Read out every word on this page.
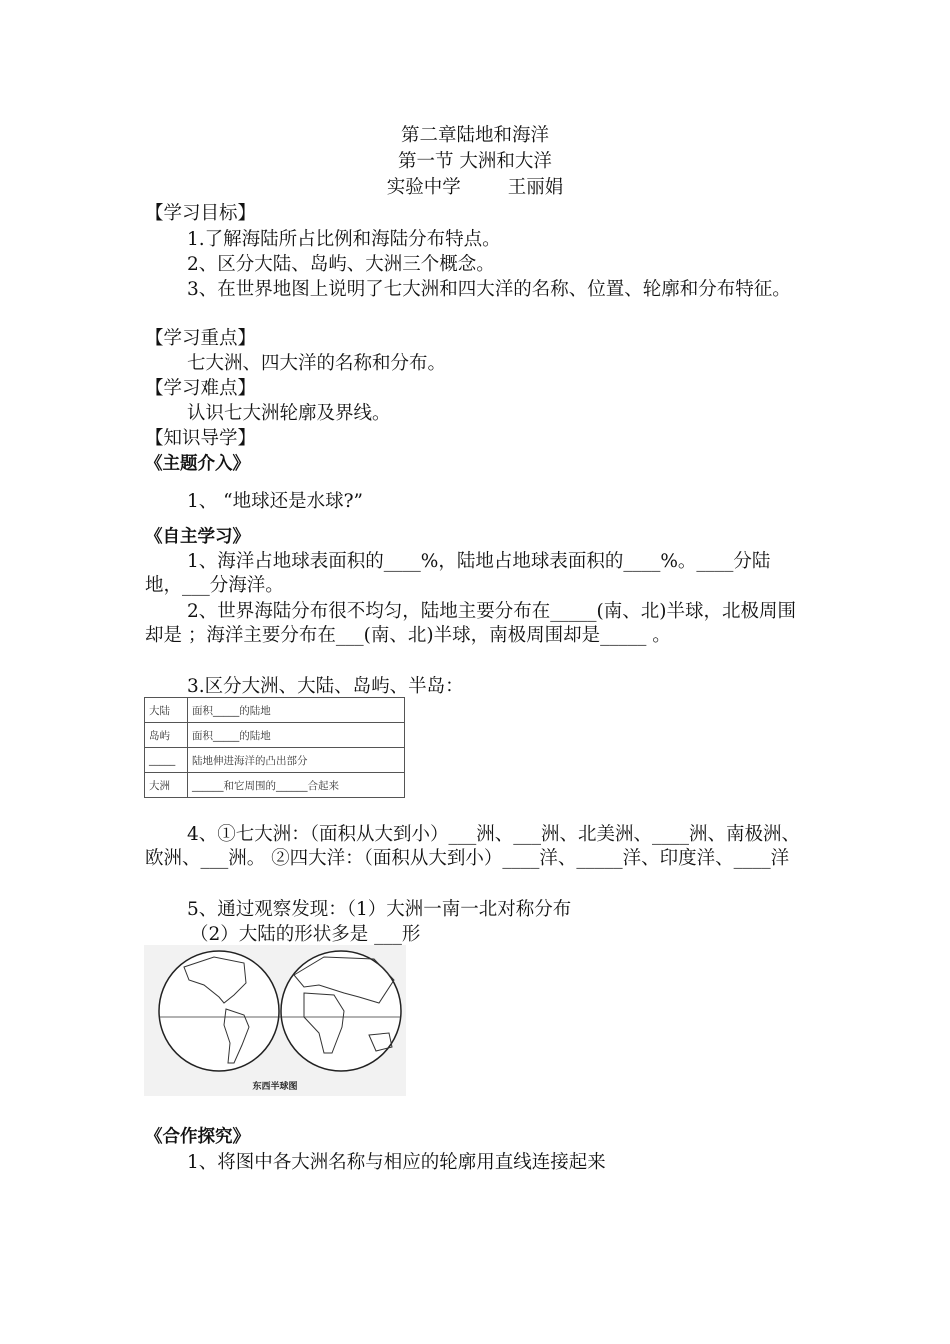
第二章陆地和海洋
第一节 大洲和大洋
实验中学        王丽娟
【学习目标】
1.了解海陆所占比例和海陆分布特点。
2、区分大陆、岛屿、大洲三个概念。
3、在世界地图上说明了七大洲和四大洋的名称、位置、轮廓和分布特征。
【学习重点】
七大洲、四大洋的名称和分布。
【学习难点】
认识七大洲轮廓及界线。
【知识导学】
《主题介入》
1、 “地球还是水球?”
《自主学习》
1、海洋占地球表面积的____%，陆地占地球表面积的____%。____分陆地，___分海洋。
2、世界海陆分布很不均匀，陆地主要分布在_____(南、北)半球，北极周围却是 ；海洋主要分布在___(南、北)半球，南极周围却是_____ 。
3.区分大洲、大陆、岛屿、半岛：
大陆	面积_____的陆地
岛屿	面积_____的陆地
_____	陆地伸进海洋的凸出部分
大洲	______和它周围的______合起来
4、①七大洲：（面积从大到小）___洲、___洲、北美洲、____洲、南极洲、欧洲、___洲。 ②四大洋：（面积从大到小）____洋、_____洋、印度洋、____洋
5、通过观察发现：（1）大洲一南一北对称分布
（2）大陆的形状多是 ___形
东西半球图
《合作探究》
1、将图中各大洲名称与相应的轮廓用直线连接起来
